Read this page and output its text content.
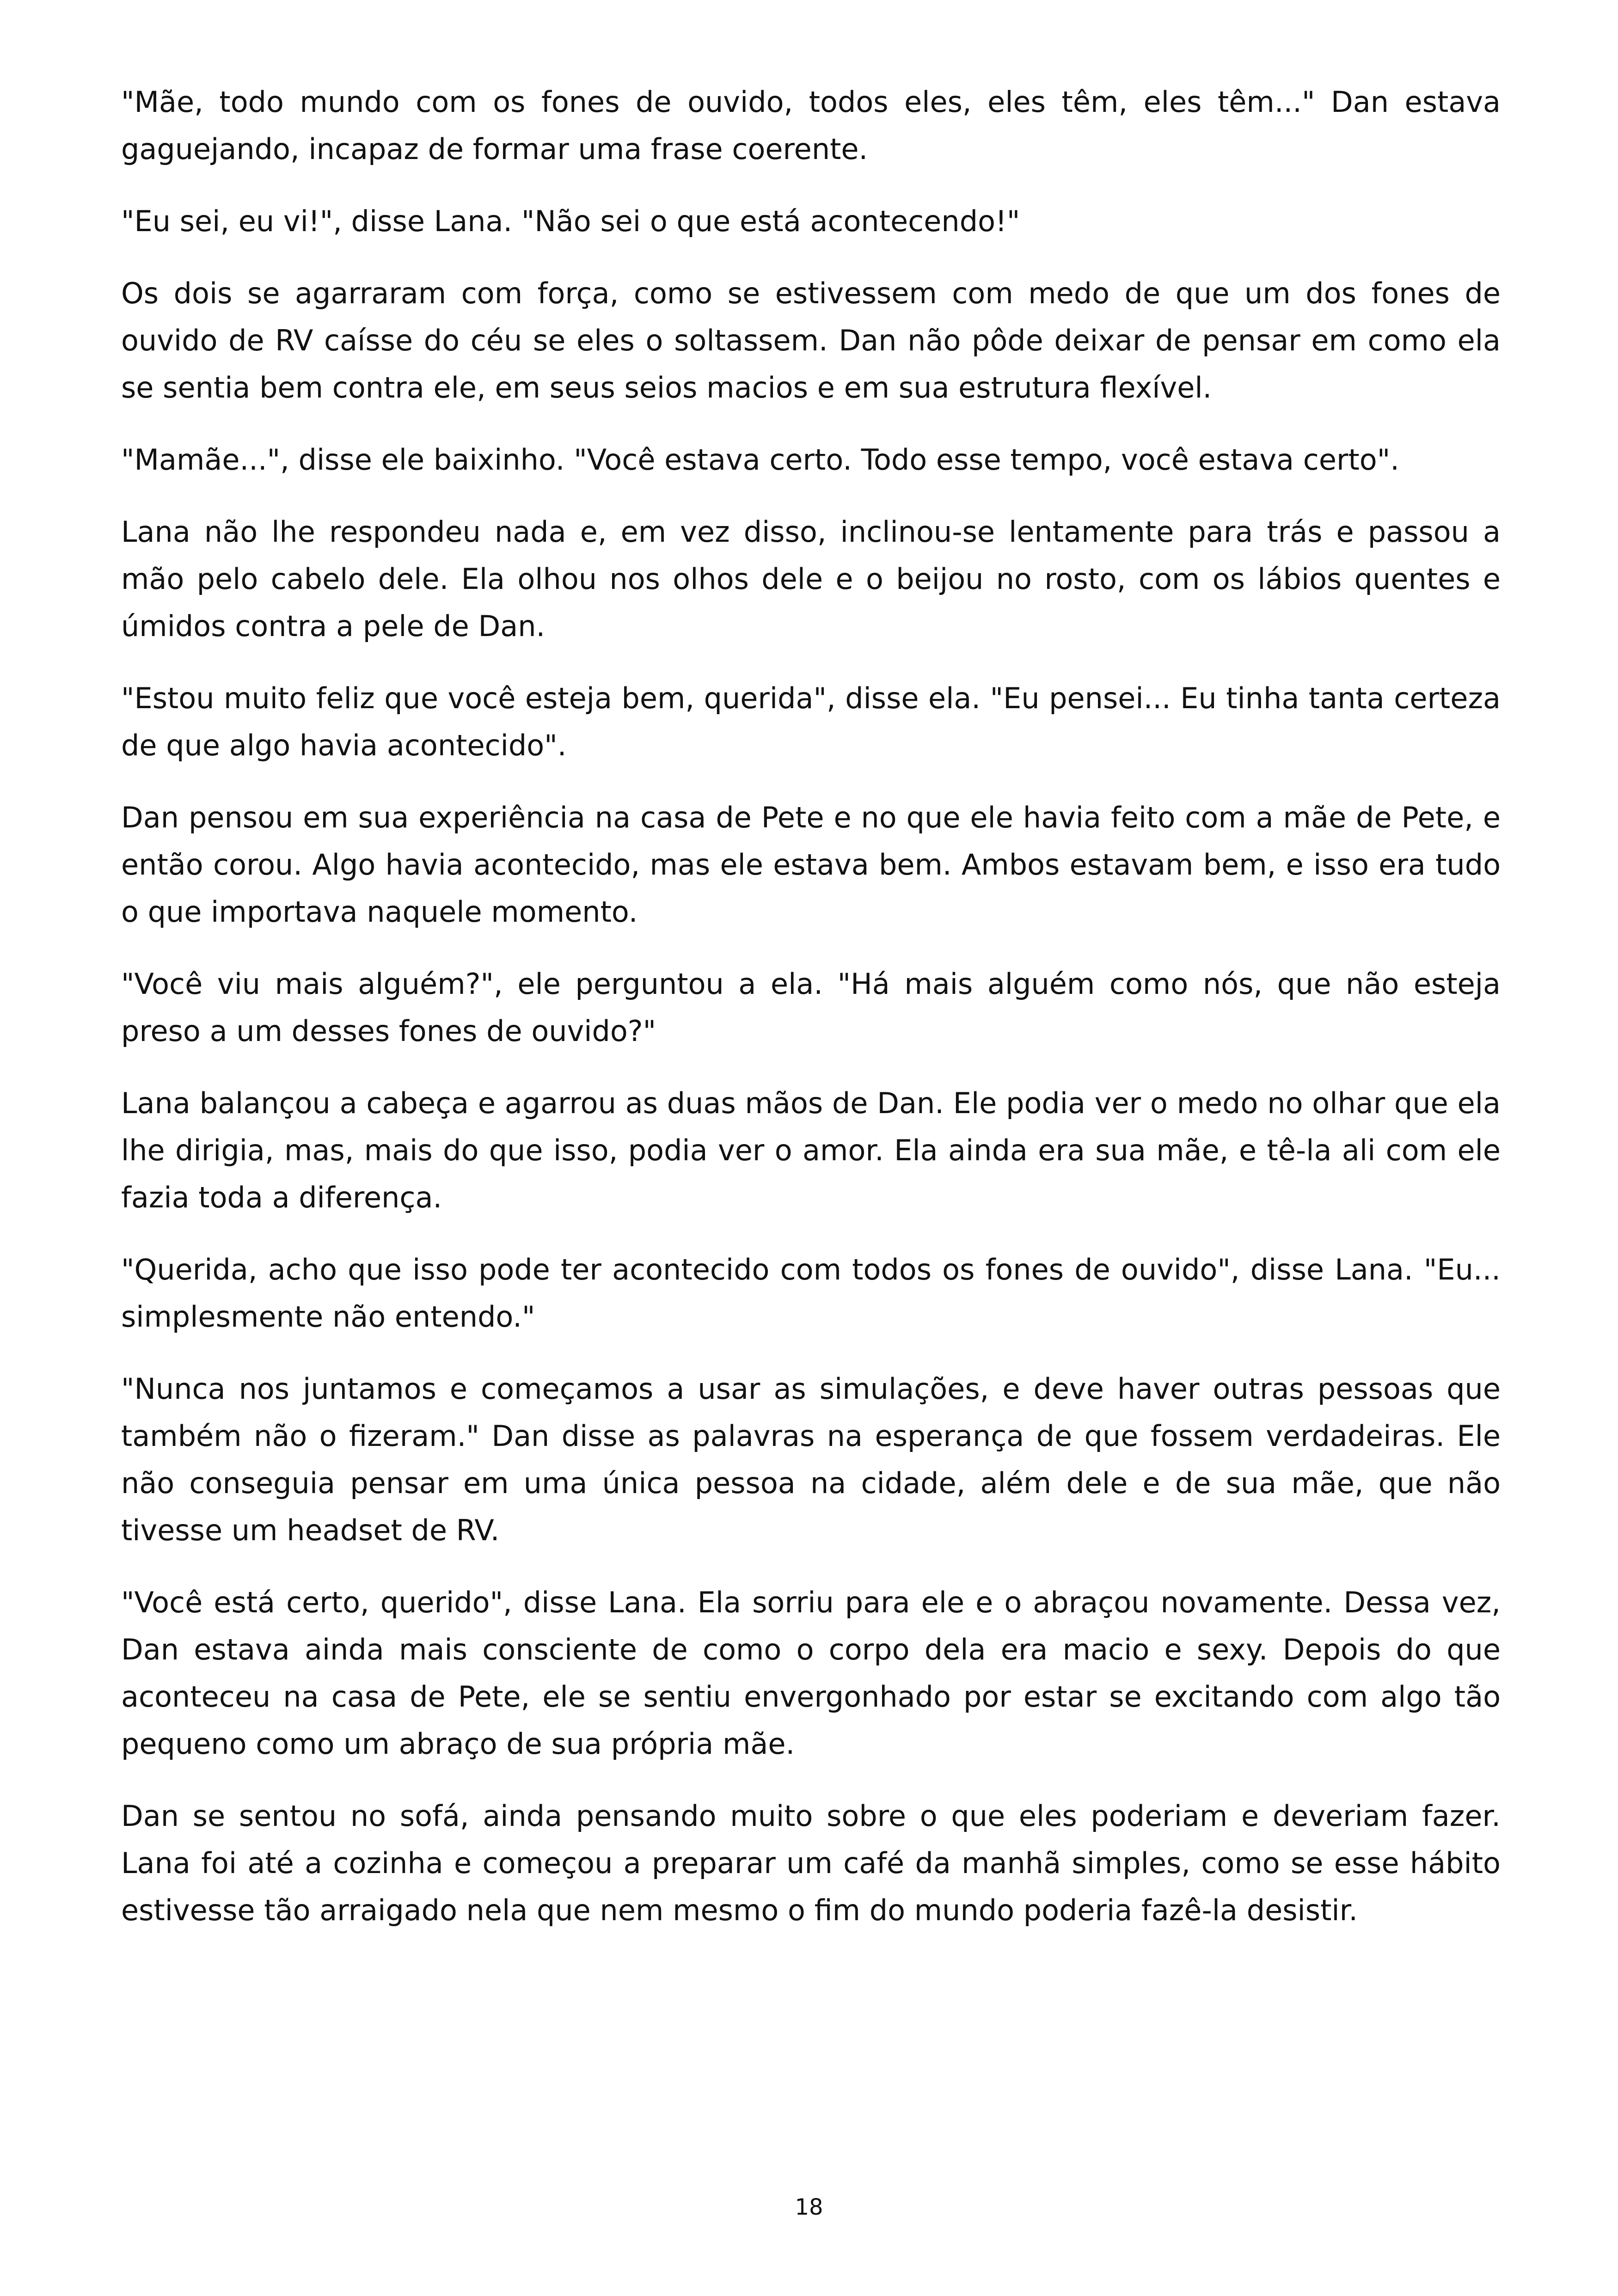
"Mãe, todo mundo com os fones de ouvido, todos eles, eles têm, eles têm..." Dan estava gaguejando, incapaz de formar uma frase coerente.

"Eu sei, eu vi!", disse Lana. "Não sei o que está acontecendo!"

Os dois se agarraram com força, como se estivessem com medo de que um dos fones de ouvido de RV caísse do céu se eles o soltassem. Dan não pôde deixar de pensar em como ela se sentia bem contra ele, em seus seios macios e em sua estrutura flexível.

"Mamãe...", disse ele baixinho. "Você estava certo. Todo esse tempo, você estava certo".

Lana não lhe respondeu nada e, em vez disso, inclinou-se lentamente para trás e passou a mão pelo cabelo dele. Ela olhou nos olhos dele e o beijou no rosto, com os lábios quentes e úmidos contra a pele de Dan.

"Estou muito feliz que você esteja bem, querida", disse ela. "Eu pensei... Eu tinha tanta certeza de que algo havia acontecido".

Dan pensou em sua experiência na casa de Pete e no que ele havia feito com a mãe de Pete, e então corou. Algo havia acontecido, mas ele estava bem. Ambos estavam bem, e isso era tudo o que importava naquele momento.

"Você viu mais alguém?", ele perguntou a ela. "Há mais alguém como nós, que não esteja preso a um desses fones de ouvido?"

Lana balançou a cabeça e agarrou as duas mãos de Dan. Ele podia ver o medo no olhar que ela lhe dirigia, mas, mais do que isso, podia ver o amor. Ela ainda era sua mãe, e tê-la ali com ele fazia toda a diferença.

"Querida, acho que isso pode ter acontecido com todos os fones de ouvido", disse Lana. "Eu... simplesmente não entendo."

"Nunca nos juntamos e começamos a usar as simulações, e deve haver outras pessoas que também não o fizeram." Dan disse as palavras na esperança de que fossem verdadeiras. Ele não conseguia pensar em uma única pessoa na cidade, além dele e de sua mãe, que não tivesse um headset de RV.

"Você está certo, querido", disse Lana. Ela sorriu para ele e o abraçou novamente. Dessa vez, Dan estava ainda mais consciente de como o corpo dela era macio e sexy. Depois do que aconteceu na casa de Pete, ele se sentiu envergonhado por estar se excitando com algo tão pequeno como um abraço de sua própria mãe.

Dan se sentou no sofá, ainda pensando muito sobre o que eles poderiam e deveriam fazer. Lana foi até a cozinha e começou a preparar um café da manhã simples, como se esse hábito estivesse tão arraigado nela que nem mesmo o fim do mundo poderia fazê-la desistir.

18
